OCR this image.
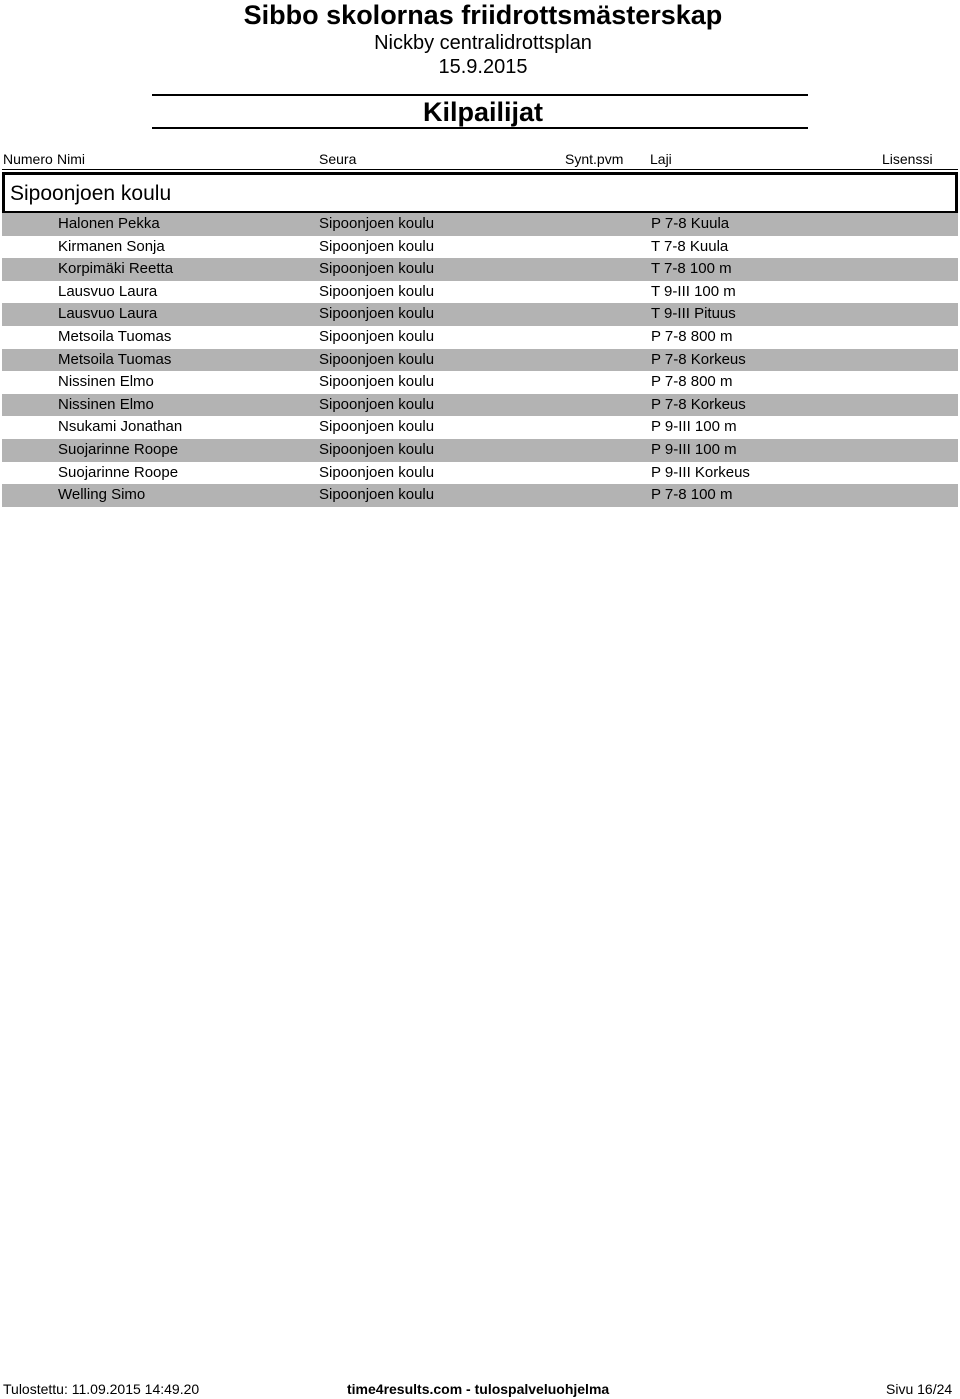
Sibbo skolornas friidrottsmästerskap
Nickby centralidrottsplan
15.9.2015
Kilpailijat
Numero Nimi	Seura	Synt.pvm Laji	Lisenssi
Sipoonjoen koulu
Halonen Pekka	Sipoonjoen koulu	P 7-8 Kuula
Kirmanen Sonja	Sipoonjoen koulu	T 7-8 Kuula
Korpimäki Reetta	Sipoonjoen koulu	T 7-8 100 m
Lausvuo Laura	Sipoonjoen koulu	T 9-III 100 m
Lausvuo Laura	Sipoonjoen koulu	T 9-III Pituus
Metsoila Tuomas	Sipoonjoen koulu	P 7-8 800 m
Metsoila Tuomas	Sipoonjoen koulu	P 7-8 Korkeus
Nissinen Elmo	Sipoonjoen koulu	P 7-8 800 m
Nissinen Elmo	Sipoonjoen koulu	P 7-8 Korkeus
Nsukami Jonathan	Sipoonjoen koulu	P 9-III 100 m
Suojarinne Roope	Sipoonjoen koulu	P 9-III 100 m
Suojarinne Roope	Sipoonjoen koulu	P 9-III Korkeus
Welling Simo	Sipoonjoen koulu	P 7-8 100 m
Tulostettu: 11.09.2015 14:49.20	time4results.com - tulospalveluohjelma	Sivu 16/24
